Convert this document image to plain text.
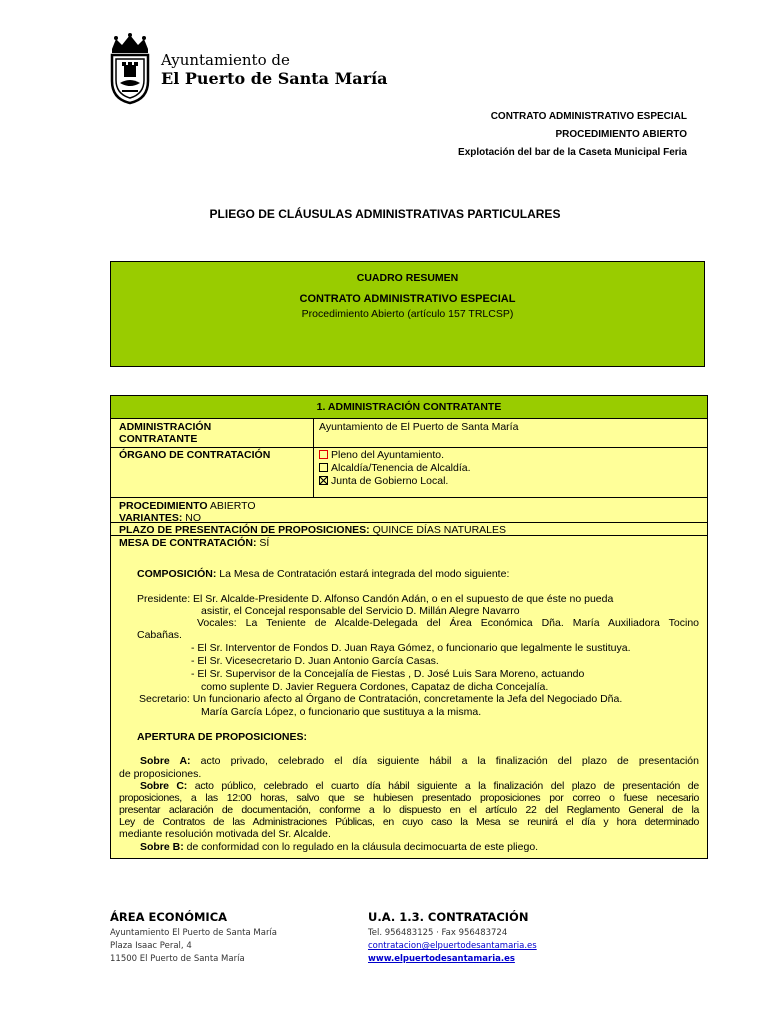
Ayuntamiento de
El Puerto de Santa María
CONTRATO ADMINISTRATIVO ESPECIAL
PROCEDIMIENTO ABIERTO
Explotación del bar de la Caseta Municipal Feria
PLIEGO DE CLÁUSULAS ADMINISTRATIVAS PARTICULARES
CUADRO RESUMEN
CONTRATO ADMINISTRATIVO ESPECIAL
Procedimiento Abierto (artículo 157 TRLCSP)
1. ADMINISTRACIÓN CONTRATANTE
ADMINISTRACIÓN
CONTRATANTE
Ayuntamiento de El Puerto de Santa María
ÓRGANO DE CONTRATACIÓN	Pleno del Ayuntamiento.
Alcaldía/Tenencia de Alcaldía.
Junta de Gobierno Local.
PROCEDIMIENTO ABIERTO
VARIANTES: NO
PLAZO DE PRESENTACIÓN DE PROPOSICIONES: QUINCE DÍAS NATURALES
MESA DE CONTRATACIÓN: SÍ
COMPOSICIÓN: La Mesa de Contratación estará integrada del modo siguiente:
Presidente: El Sr. Alcalde-Presidente D. Alfonso Candón Adán, o en el supuesto de que éste no pueda
asistir, el Concejal responsable del Servicio D. Millán Alegre Navarro
Vocales: La Teniente de Alcalde-Delegada del Área Económica Dña. María Auxiliadora Tocino
Cabañas.
- El Sr. Interventor de Fondos D. Juan Raya Gómez, o funcionario que legalmente le sustituya.
- El Sr. Vicesecretario D. Juan Antonio García Casas.
- El Sr. Supervisor de la Concejalía de Fiestas , D. José Luis Sara Moreno, actuando
como suplente D. Javier Reguera Cordones, Capataz de dicha Concejalía.
Secretario: Un funcionario afecto al Órgano de Contratación, concretamente la Jefa del Negociado Dña.
María García López, o funcionario que sustituya a la misma.
APERTURA DE PROPOSICIONES:
Sobre A: acto privado, celebrado el día siguiente hábil a la finalización del plazo de presentación
de proposiciones.
Sobre C: acto público, celebrado el cuarto día hábil siguiente a la finalización del plazo de presentación de
proposiciones, a las 12:00 horas, salvo que se hubiesen presentado proposiciones por correo o fuese necesario
presentar aclaración de documentación, conforme a lo dispuesto en el artículo 22 del Reglamento General de la
Ley de Contratos de las Administraciones Públicas, en cuyo caso la Mesa se reunirá el día y hora determinado
mediante resolución motivada del Sr. Alcalde.
Sobre B: de conformidad con lo regulado en la cláusula decimocuarta de este pliego.
ÁREA ECONÓMICA
Ayuntamiento El Puerto de Santa María
Plaza Isaac Peral, 4
11500 El Puerto de Santa María
U.A. 1.3. CONTRATACIÓN
Tel. 956483125 · Fax 956483724
contratacion@elpuertodesantamaria.es
www.elpuertodesantamaria.es
